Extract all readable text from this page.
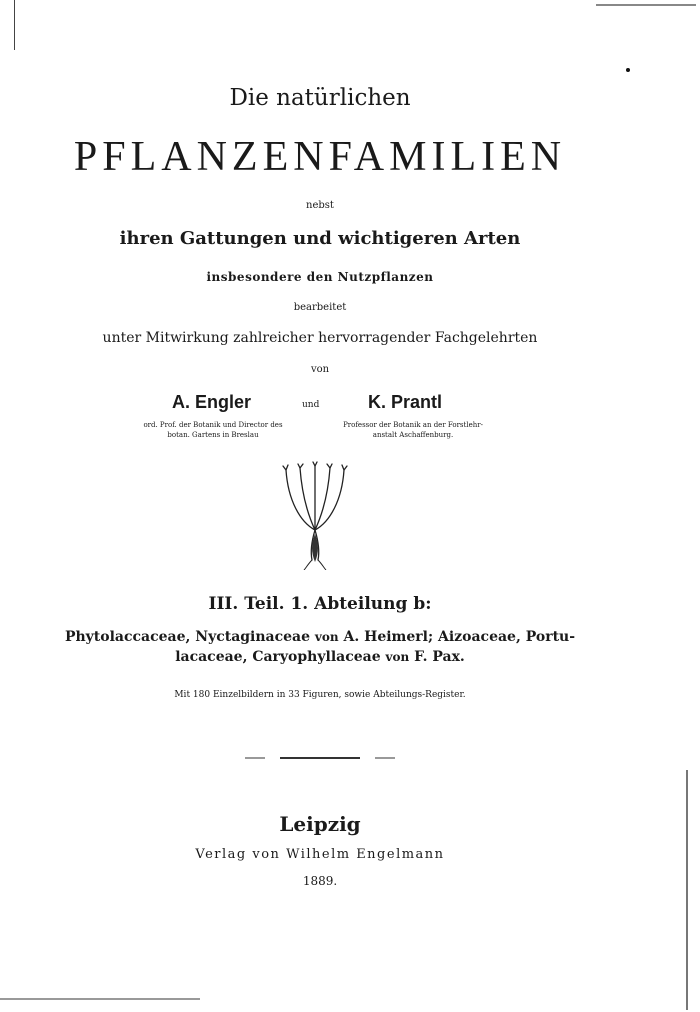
Die natürlichen
PFLANZENFAMILIEN
nebst
ihren Gattungen und wichtigeren Arten
insbesondere den Nutzpflanzen
bearbeitet
unter Mitwirkung zahlreicher hervorragender Fachgelehrten
von
A. Engler	und	K. Prantl
ord. Prof. der Botanik und Director des
botan. Gartens in Breslau
Professor der Botanik an der Forstlehr-
anstalt Aschaffenburg.
III. Teil. 1. Abteilung b:
Phytolaccaceae, Nyctaginaceae von A. Heimerl; Aizoaceae, Portu-
lacaceae, Caryophyllaceae von F. Pax.
Mit 180 Einzelbildern in 33 Figuren, sowie Abteilungs-Register.
Leipzig
Verlag von Wilhelm Engelmann
1889.
